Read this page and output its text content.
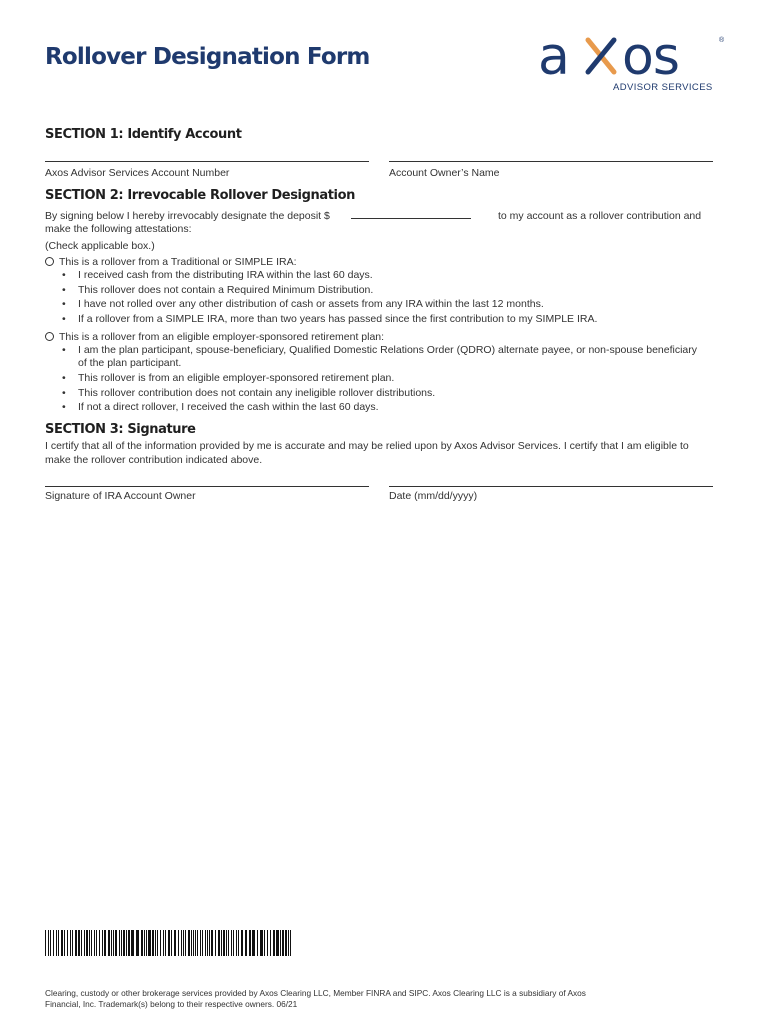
Rollover Designation Form	a os	®
ADVISOR SERVICES
SECTION 1: Identify Account
Axos Advisor Services Account Number	Account Owner’s Name
SECTION 2: Irrevocable Rollover Designation
By signing below I hereby irrevocably designate the deposit $	to my account as a rollover contribution and
make the following attestations:
(Check applicable box.)
This is a rollover from a Traditional or SIMPLE IRA:
• I received cash from the distributing IRA within the last 60 days.
• This rollover does not contain a Required Minimum Distribution.
• I have not rolled over any other distribution of cash or assets from any IRA within the last 12 months.
• If a rollover from a SIMPLE IRA, more than two years has passed since the first contribution to my SIMPLE IRA.
This is a rollover from an eligible employer-sponsored retirement plan:
• I am the plan participant, spouse-beneficiary, Qualified Domestic Relations Order (QDRO) alternate payee, or non-spouse beneficiary of the plan participant.
• This rollover is from an eligible employer-sponsored retirement plan.
• This rollover contribution does not contain any ineligible rollover distributions.
• If not a direct rollover, I received the cash within the last 60 days.
SECTION 3: Signature
I certify that all of the information provided by me is accurate and may be relied upon by Axos Advisor Services. I certify that I am eligible to make the rollover contribution indicated above.
Signature of IRA Account Owner	Date (mm/dd/yyyy)
Clearing, custody or other brokerage services provided by Axos Clearing LLC, Member FINRA and SIPC. Axos Clearing LLC is a subsidiary of Axos Financial, Inc. Trademark(s) belong to their respective owners. 06/21
